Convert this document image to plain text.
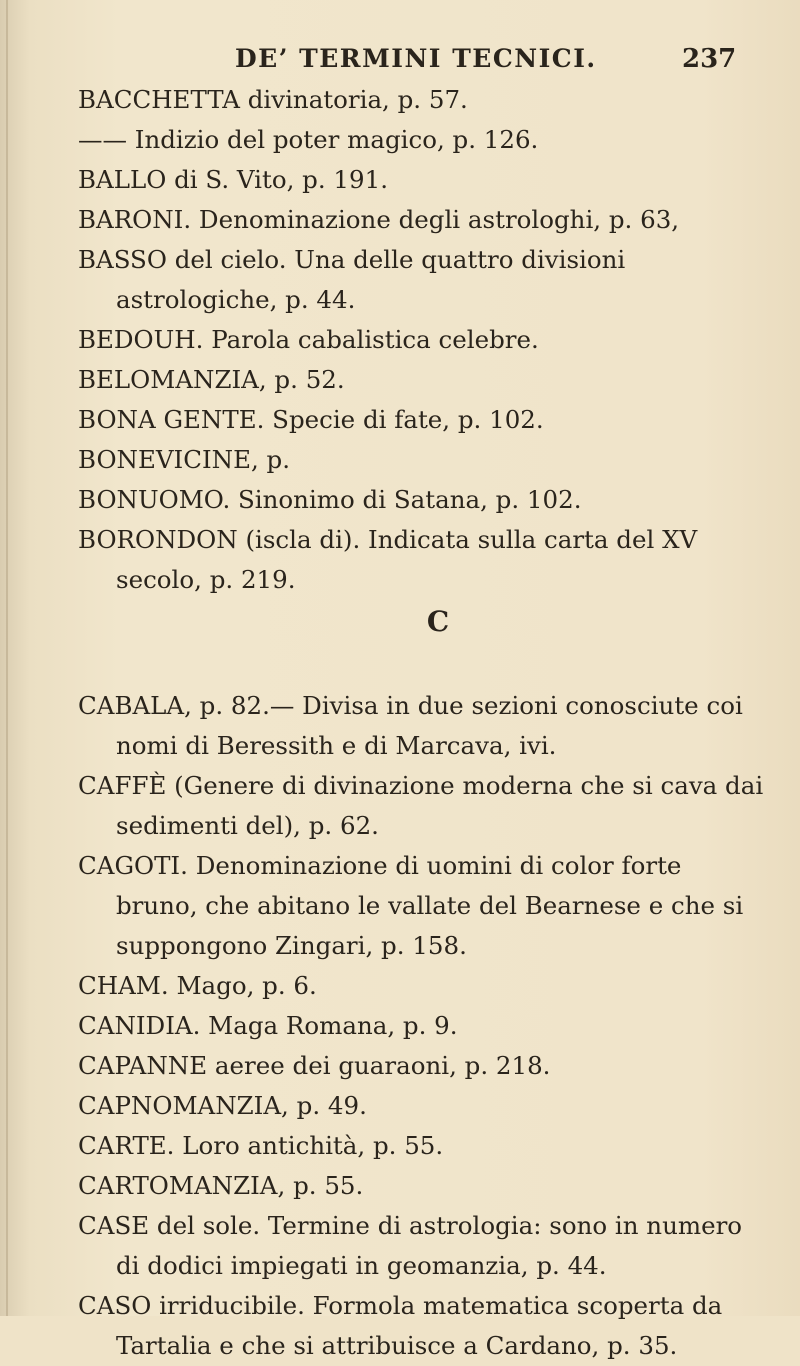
DE’ TERMINI TECNICI.	237

BACCHETTA divinatoria, p. 57.

—— Indizio del poter magico, p. 126.

BALLO di S. Vito, p. 191.

BARONI. Denominazione degli astrologhi, p. 63,

BASSO del cielo. Una delle quattro divisioni astrologiche, p. 44.

BEDOUH. Parola cabalistica celebre.

BELOMANZIA, p. 52.

BONA GENTE. Specie di fate, p. 102.

BONEVICINE, p.

BONUOMO. Sinonimo di Satana, p. 102.

BORONDON (iscla di). Indicata sulla carta del XV secolo, p. 219.

C

CABALA, p. 82.— Divisa in due sezioni conosciute coi nomi di Beressith e di Marcava, ivi.

CAFFÈ (Genere di divinazione moderna che si cava dai sedimenti del), p. 62.

CAGOTI. Denominazione di uomini di color forte bruno, che abitano le vallate del Bearnese e che si suppongono Zingari, p. 158.

CHAM. Mago, p. 6.

CANIDIA. Maga Romana, p. 9.

CAPANNE aeree dei guaraoni, p. 218.

CAPNOMANZIA, p. 49.

CARTE. Loro antichità, p. 55.

CARTOMANZIA, p. 55.

CASE del sole. Termine di astrologia: sono in numero di dodici impiegati in geomanzia, p. 44.

CASO irriducibile. Formola matematica scoperta da Tartalia e che si attribuisce a Cardano, p. 35.
